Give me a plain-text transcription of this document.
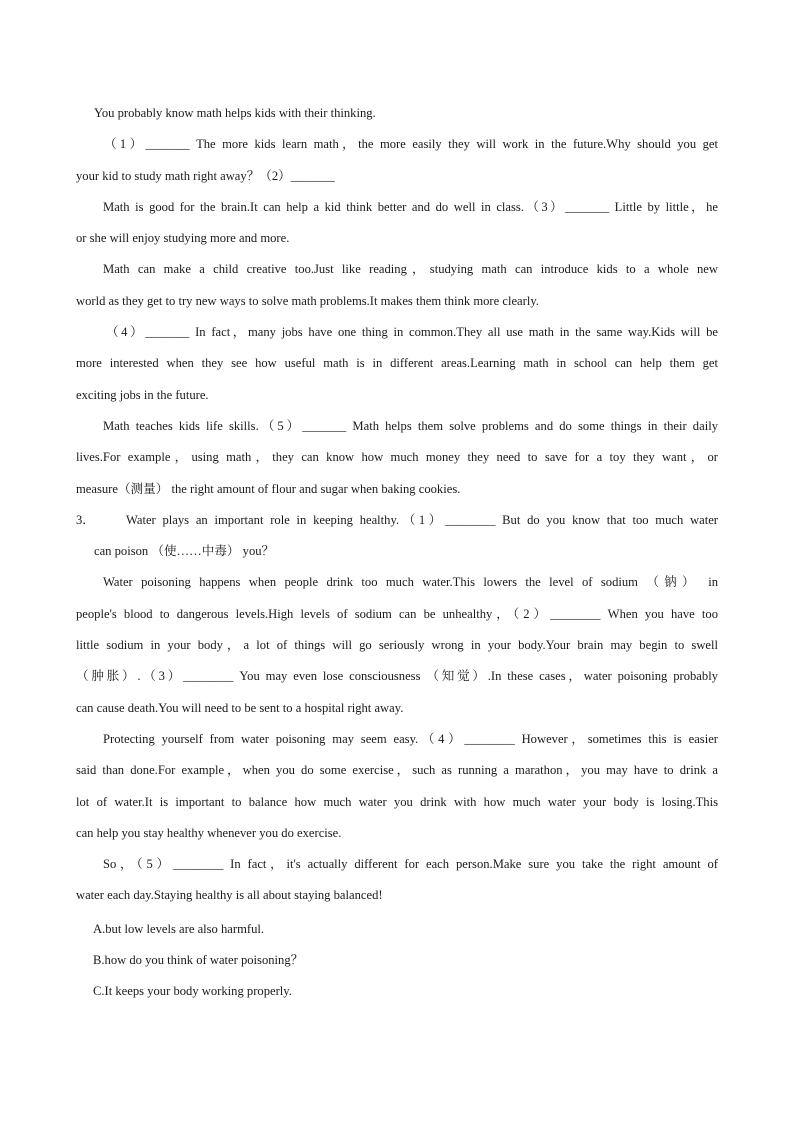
You probably know math helps kids with their thinking.
（1）_______ The more kids learn math，the more easily they will work in the future.Why should you get
your kid to study math right away？（2）_______
Math is good for the brain.It can help a kid think better and do well in class.（3）_______ Little by little，he
or she will enjoy studying more and more.
Math can make a child creative too.Just like reading，studying math can introduce kids to a whole new
world as they get to try new ways to solve math problems.It makes them think more clearly.
（4）_______ In fact，many jobs have one thing in common.They all use math in the same way.Kids will be
more interested when they see how useful math is in different areas.Learning math in school can help them get
exciting jobs in the future.
Math teaches kids life skills.（5）_______ Math helps them solve problems and do some things in their daily
lives.For example，using math，they can know how much money they need to save for a toy they want，or
measure（测量） the right amount of flour and sugar when baking cookies.
3． Water plays an important role in keeping healthy.（1）________ But do you know that too much water
can poison （使……中毒） you？
Water poisoning happens when people drink too much water.This lowers the level of sodium （钠） in
people's blood to dangerous levels.High levels of sodium can be unhealthy，（2）________ When you have too
little sodium in your body，a lot of things will go seriously wrong in your body.Your brain may begin to swell
（肿胀）.（3）________ You may even lose consciousness （知觉）.In these cases，water poisoning probably
can cause death.You will need to be sent to a hospital right away.
Protecting yourself from water poisoning may seem easy.（4）________ However，sometimes this is easier
said than done.For example，when you do some exercise，such as running a marathon，you may have to drink a
lot of water.It is important to balance how much water you drink with how much water your body is losing.This
can help you stay healthy whenever you do exercise.
So，（5）________ In fact，it's actually different for each person.Make sure you take the right amount of
water each day.Staying healthy is all about staying balanced!
A.but low levels are also harmful.
B.how do you think of water poisoning？
C.It keeps your body working properly.
